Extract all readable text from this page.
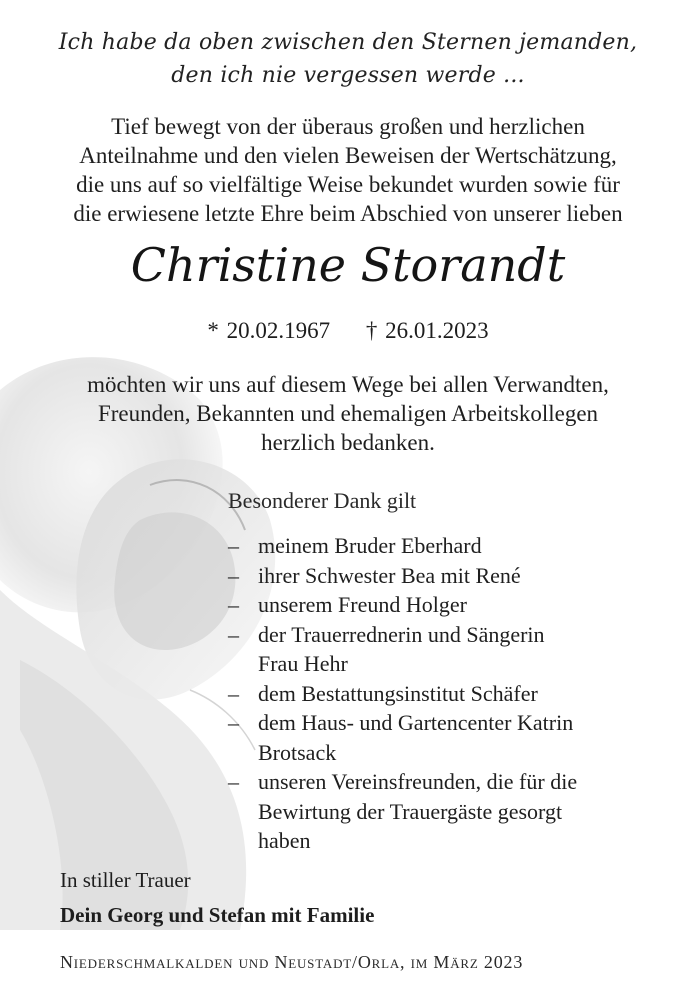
Ich habe da oben zwischen den Sternen jemanden,
den ich nie vergessen werde ...
Tief bewegt von der überaus großen und herzlichen
Anteilnahme und den vielen Beweisen der Wertschätzung,
die uns auf so vielfältige Weise bekundet wurden sowie für
die erwiesene letzte Ehre beim Abschied von unserer lieben
Christine Storandt
* 20.02.1967 † 26.01.2023
möchten wir uns auf diesem Wege bei allen Verwandten,
Freunden, Bekannten und ehemaligen Arbeitskollegen
herzlich bedanken.
Besonderer Dank gilt
– meinem Bruder Eberhard
– ihrer Schwester Bea mit René
– unserem Freund Holger
– der Trauerrednerin und Sängerin
Frau Hehr
– dem Bestattungsinstitut Schäfer
– dem Haus- und Gartencenter Katrin
Brotsack
– unseren Vereinsfreunden, die für die
Bewirtung der Trauergäste gesorgt
haben
In stiller Trauer
Dein Georg und Stefan mit Familie
Niederschmalkalden und Neustadt/Orla, im März 2023
